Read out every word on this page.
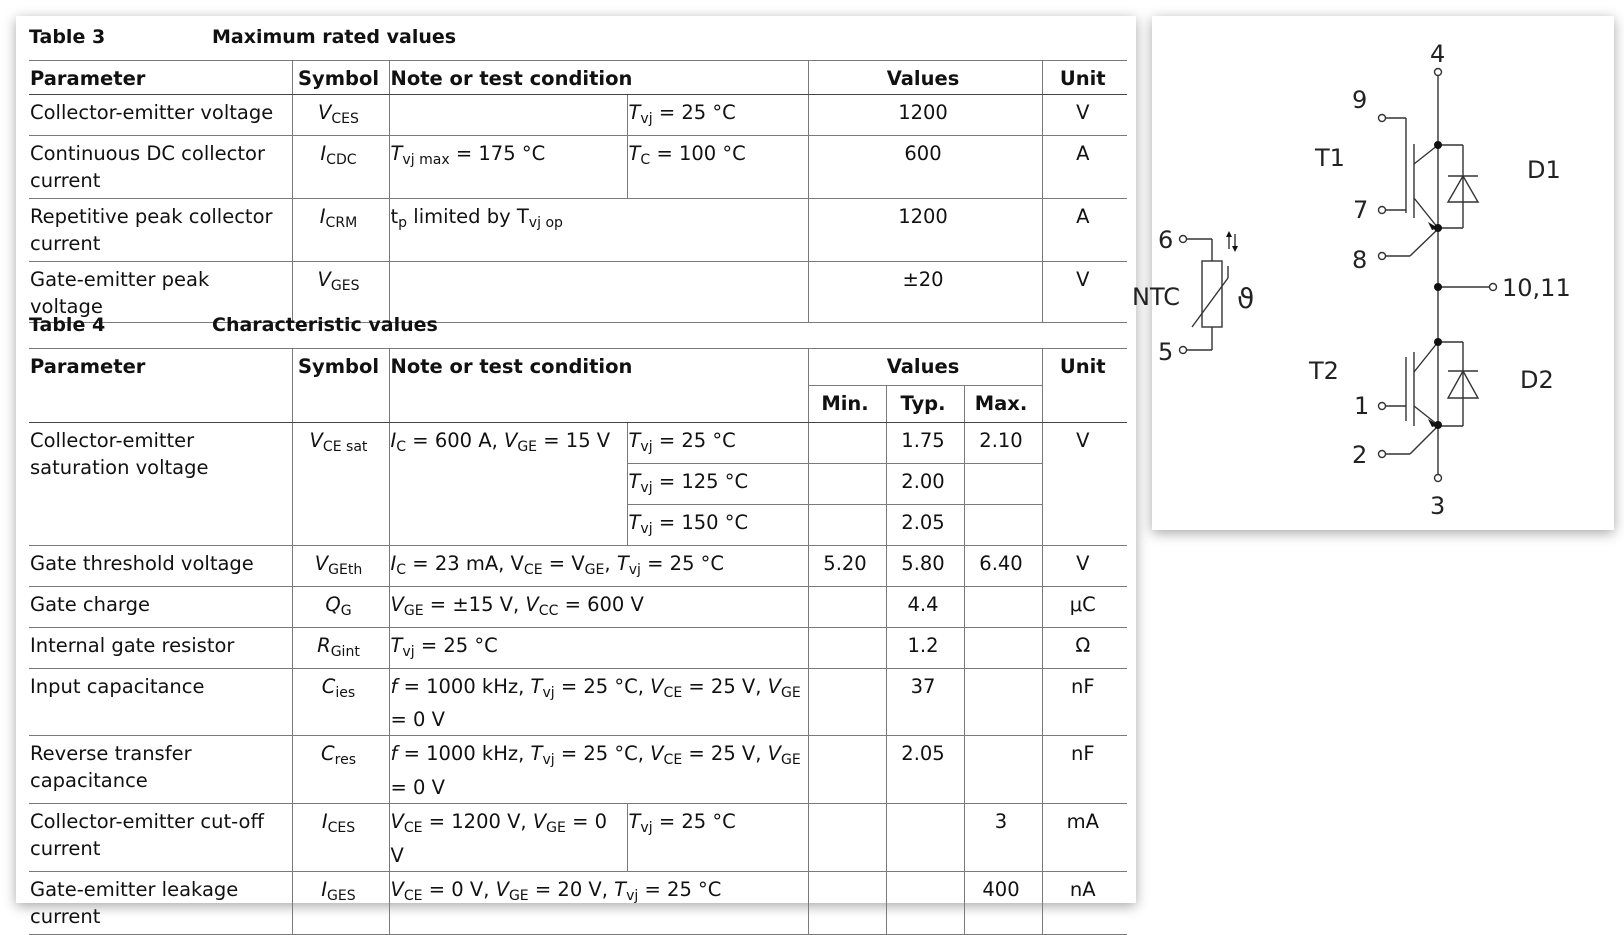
Table 3	Maximum rated values
Parameter	Symbol	Note or test condition		Values	Unit
Collector-emitter voltage	$V_{CES}$		$T_{vj} = 25$ °C	1200	V
Continuous DC collector current	$I_{CDC}$	$T_{vj max} = 175$ °C	$T_C = 100$ °C	600	A
Repetitive peak collector current	$I_{CRM}$	$t_p$ limited by $T_{vj op}$		1200	A
Gate-emitter peak voltage	$V_{GES}$			±20	V
Table 4	Characteristic values
Parameter	Symbol	Note or test condition		Values			Unit
				Min.	Typ.	Max.	
Collector-emitter saturation voltage	$V_{CE sat}$	$I_C = 600$ A, $V_{GE} = 15$ V	$T_{vj} = 25$ °C		1.75	2.10	V
			$T_{vj} = 125$ °C		2.00		
			$T_{vj} = 150$ °C		2.05		
Gate threshold voltage	$V_{GEth}$	$I_C = 23$ mA, $V_{CE} = V_{GE}$, $T_{vj} = 25$ °C		5.20	5.80	6.40	V
Gate charge	$Q_G$	$V_{GE} = \pm 15$ V, $V_{CC} = 600$ V			4.4		μC
Internal gate resistor	$R_{Gint}$	$T_{vj} = 25$ °C			1.2		Ω
Input capacitance	$C_{ies}$	f = 1000 kHz, $T_{vj} = 25$ °C, $V_{CE} = 25$ V, $V_{GE} = 0$ V			37		nF
Reverse transfer capacitance	$C_{res}$	f = 1000 kHz, $T_{vj} = 25$ °C, $V_{CE} = 25$ V, $V_{GE} = 0$ V			2.05		nF
Collector-emitter cut-off current	$I_{CES}$	$V_{CE} = 1200$ V, $V_{GE} = 0$ V	$T_{vj} = 25$ °C			3	mA
Gate-emitter leakage current	$I_{GES}$	$V_{CE} = 0$ V, $V_{GE} = 20$ V, $T_{vj} = 25$ °C				400	nA
4
9
7
8
10,11
1
2
3
6
5
T1	D1
T2	D2
NTC ϑ
